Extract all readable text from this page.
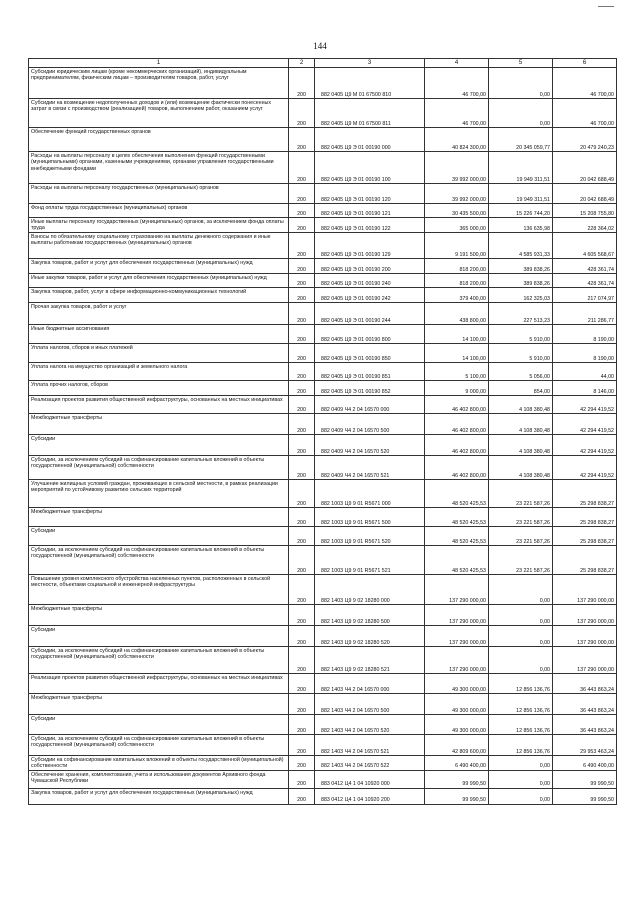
144
1	2	3	4	5	6
Субсидии юридическим лицам (кроме некоммерческих организаций), индивидуальным предпринимателям, физическим лицам – производителям товаров, работ, услуг	200	882 0405 Ц9 М 01 67500 810	46 700,00	0,00	46 700,00
Субсидии на возмещение недополученных доходов и (или) возмещение фактически понесенных затрат в связи с производством (реализацией) товаров, выполнением работ, оказанием услуг	200	882 0405 Ц9 М 01 67500 811	46 700,00	0,00	46 700,00
Обеспечение функций государственных органов	200	882 0405 Ц9 Э 01 00190 000	40 824 300,00	20 345 059,77	20 479 240,23
Расходы на выплаты персоналу в целях обеспечения выполнения функций государственными (муниципальными) органами, казенными учреждениями, органами управления государственными внебюджетными фондами	200	882 0405 Ц9 Э 01 00190 100	39 992 000,00	19 949 311,51	20 042 688,49
Расходы на выплаты персоналу государственных (муниципальных) органов	200	882 0405 Ц9 Э 01 00190 120	39 992 000,00	19 949 311,51	20 042 688,49
Фонд оплаты труда государственных (муниципальных) органов	200	882 0405 Ц9 Э 01 00190 121	30 435 500,00	15 226 744,20	15 208 755,80
Иные выплаты персоналу государственных (муниципальных) органов, за исключением фонда оплаты труда	200	882 0405 Ц9 Э 01 00190 122	365 000,00	136 635,98	228 364,02
Взносы по обязательному социальному страхованию на выплаты денежного содержания и иные выплаты работникам государственных (муниципальных) органов	200	882 0405 Ц9 Э 01 00190 129	9 191 500,00	4 585 931,33	4 605 568,67
Закупка товаров, работ и услуг для обеспечения государственных (муниципальных) нужд	200	882 0405 Ц9 Э 01 00190 200	818 200,00	389 838,26	428 361,74
Иные закупки товаров, работ и услуг для обеспечения государственных (муниципальных) нужд	200	882 0405 Ц9 Э 01 00190 240	818 200,00	389 838,26	428 361,74
Закупка товаров, работ, услуг в сфере информационно-коммуникационных технологий	200	882 0405 Ц9 Э 01 00190 242	379 400,00	162 325,03	217 074,97
Прочая закупка товаров, работ и услуг	200	882 0405 Ц9 Э 01 00190 244	438 800,00	227 513,23	211 286,77
Иные бюджетные ассигнования	200	882 0405 Ц9 Э 01 00190 800	14 100,00	5 910,00	8 190,00
Уплата налогов, сборов и иных платежей	200	882 0405 Ц9 Э 01 00190 850	14 100,00	5 910,00	8 190,00
Уплата налога на имущество организаций и земельного налога	200	882 0405 Ц9 Э 01 00190 851	5 100,00	5 056,00	44,00
Уплата прочих налогов, сборов	200	882 0405 Ц9 Э 01 00190 852	9 000,00	854,00	8 146,00
Реализация проектов развития общественной инфраструктуры, основанных на местных инициативах	200	882 0409 Ч4 2 04 16570 000	46 402 800,00	4 108 380,48	42 294 419,52
Межбюджетные трансферты	200	882 0409 Ч4 2 04 16570 500	46 402 800,00	4 108 380,48	42 294 419,52
Субсидии	200	882 0409 Ч4 2 04 16570 520	46 402 800,00	4 108 380,48	42 294 419,52
Субсидии, за исключением субсидий на софинансирование капитальных вложений в объекты государственной (муниципальной) собственности	200	882 0409 Ч4 2 04 16570 521	46 402 800,00	4 108 380,48	42 294 419,52
Улучшение жилищных условий граждан, проживающих в сельской местности, в рамках реализации мероприятий по устойчивому развитию сельских территорий	200	882 1003 Ц9 9 01 R5671 000	48 520 425,53	23 221 587,26	25 298 838,27
Межбюджетные трансферты	200	882 1003 Ц9 9 01 R5671 500	48 520 425,53	23 221 587,26	25 298 838,27
Субсидии	200	882 1003 Ц9 9 01 R5671 520	48 520 425,53	23 221 587,26	25 298 838,27
Субсидии, за исключением субсидий на софинансирование капитальных вложений в объекты государственной (муниципальной) собственности	200	882 1003 Ц9 9 01 R5671 521	48 520 425,53	23 221 587,26	25 298 838,27
Повышение уровня комплексного обустройства населенных пунктов, расположенных в сельской местности, объектами социальной и инженерной инфраструктуры	200	882 1403 Ц9 9 02 18280 000	137 290 000,00	0,00	137 290 000,00
Межбюджетные трансферты	200	882 1403 Ц9 9 02 18280 500	137 290 000,00	0,00	137 290 000,00
Субсидии	200	882 1403 Ц9 9 02 18280 520	137 290 000,00	0,00	137 290 000,00
Субсидии, за исключением субсидий на софинансирование капитальных вложений в объекты государственной (муниципальной) собственности	200	882 1403 Ц9 9 02 18280 521	137 290 000,00	0,00	137 290 000,00
Реализация проектов развития общественной инфраструктуры, основанных на местных инициативах	200	882 1403 Ч4 2 04 16570 000	49 300 000,00	12 856 136,76	36 443 863,24
Межбюджетные трансферты	200	882 1403 Ч4 2 04 16570 500	49 300 000,00	12 856 136,76	36 443 863,24
Субсидии	200	882 1403 Ч4 2 04 16570 520	49 300 000,00	12 856 136,76	36 443 863,24
Субсидии, за исключением субсидий на софинансирование капитальных вложений в объекты государственной (муниципальной) собственности	200	882 1403 Ч4 2 04 16570 521	42 809 600,00	12 856 136,76	29 953 463,24
Субсидии на софинансирование капитальных вложений в объекты государственной (муниципальной) собственности	200	882 1403 Ч4 2 04 16570 522	6 490 400,00	0,00	6 490 400,00
Обеспечение хранения, комплектования, учета и использования документов Архивного фонда Чувашской Республики	200	883 0412 Ц4 1 04 10920 000	99 990,50	0,00	99 990,50
Закупка товаров, работ и услуг для обеспечения государственных (муниципальных) нужд	200	883 0412 Ц4 1 04 10920 200	99 990,50	0,00	99 990,50
